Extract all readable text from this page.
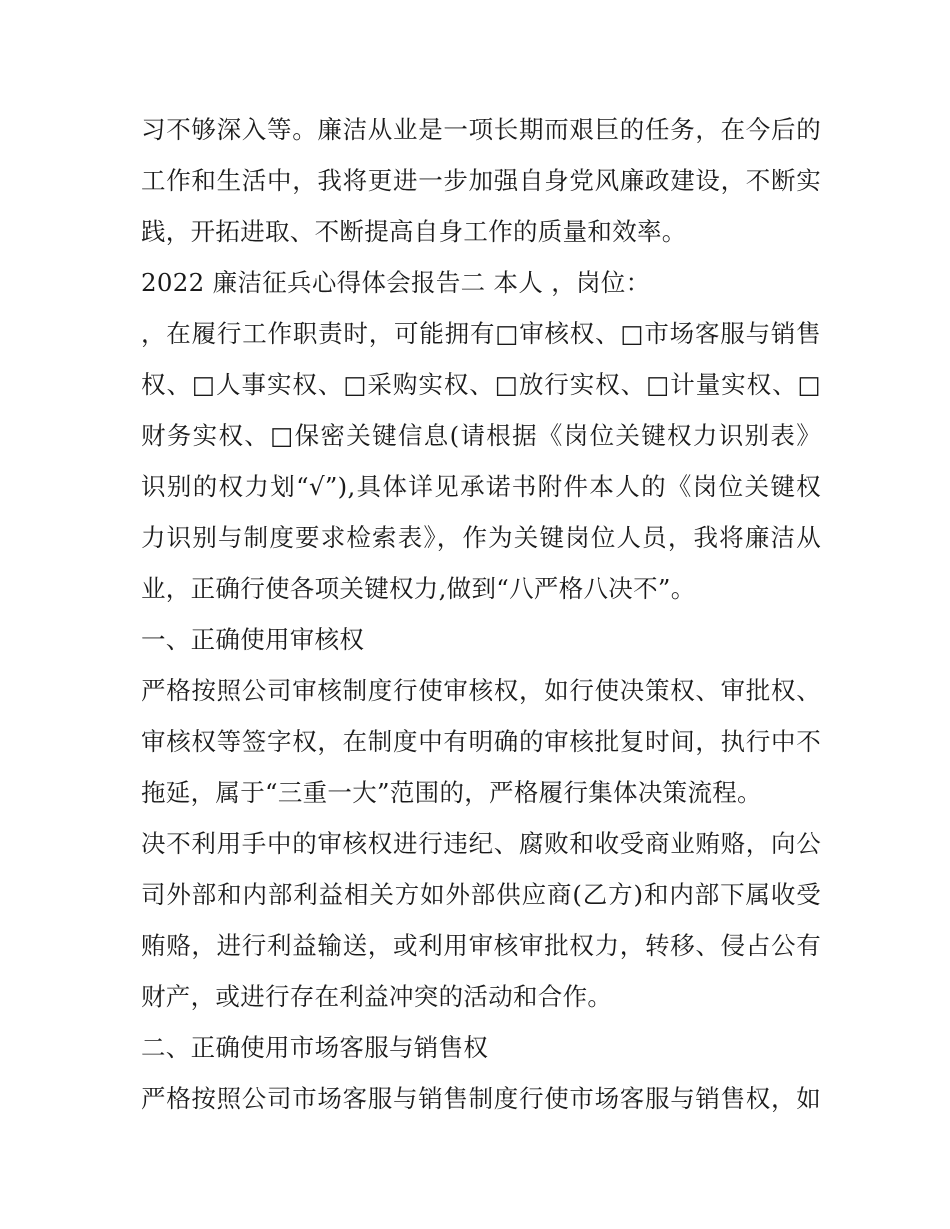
习不够深入等。廉洁从业是一项长期而艰巨的任务，在今后的
工作和生活中，我将更进一步加强自身党风廉政建设，不断实
践，开拓进取、不断提高自身工作的质量和效率。
2022 廉洁征兵心得体会报告二 本人 ，岗位：
，在履行工作职责时，可能拥有□审核权、□市场客服与销售
权、□人事实权、□采购实权、□放行实权、□计量实权、□
财务实权、□保密关键信息(请根据《岗位关键权力识别表》
识别的权力划“√”),具体详见承诺书附件本人的《岗位关键权
力识别与制度要求检索表》，作为关键岗位人员，我将廉洁从
业，正确行使各项关键权力,做到“八严格八决不”。
一、正确使用审核权
严格按照公司审核制度行使审核权，如行使决策权、审批权、
审核权等签字权，在制度中有明确的审核批复时间，执行中不
拖延，属于“三重一大”范围的，严格履行集体决策流程。
决不利用手中的审核权进行违纪、腐败和收受商业贿赂，向公
司外部和内部利益相关方如外部供应商(乙方)和内部下属收受
贿赂，进行利益输送，或利用审核审批权力，转移、侵占公有
财产，或进行存在利益冲突的活动和合作。
二、正确使用市场客服与销售权
严格按照公司市场客服与销售制度行使市场客服与销售权，如
